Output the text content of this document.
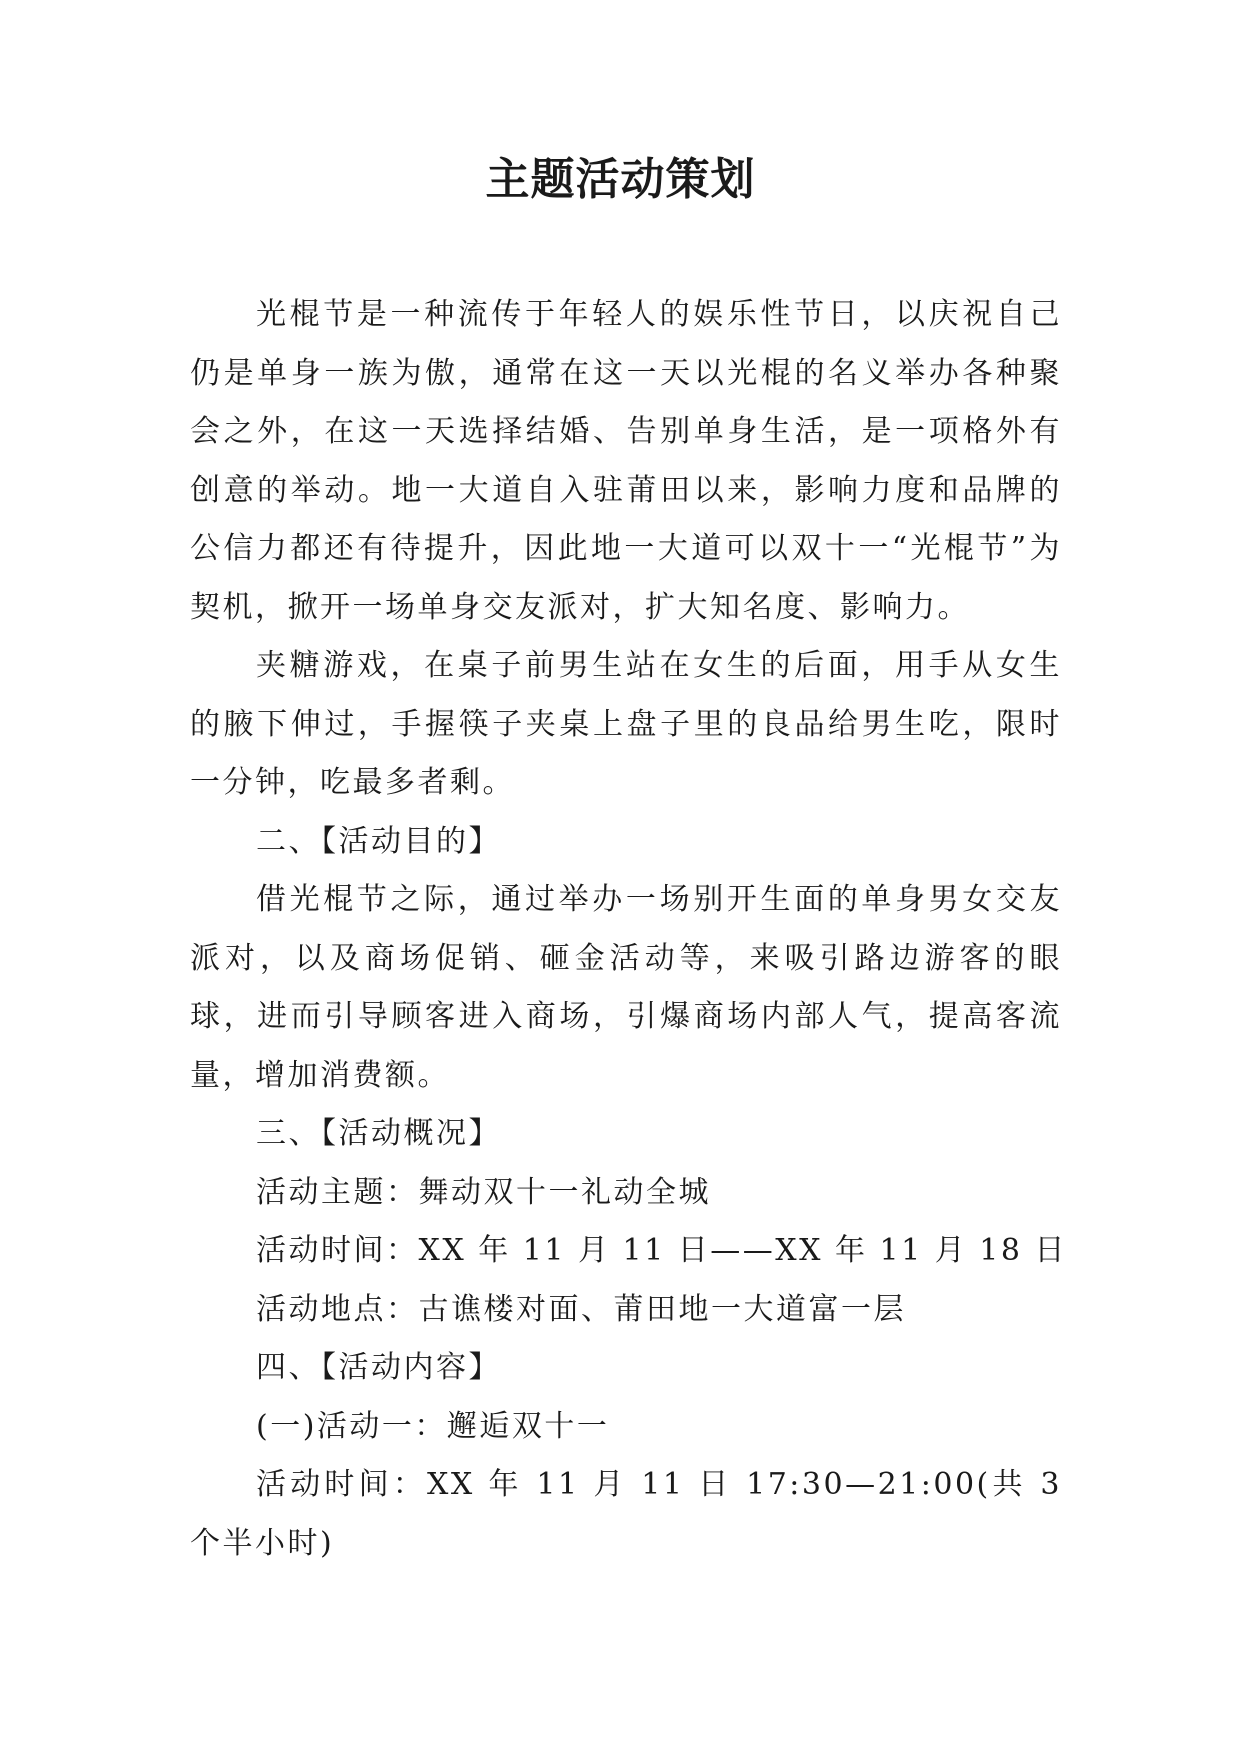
主题活动策划

光棍节是一种流传于年轻人的娱乐性节日，以庆祝自己仍是单身一族为傲，通常在这一天以光棍的名义举办各种聚会之外，在这一天选择结婚、告别单身生活，是一项格外有创意的举动。地一大道自入驻莆田以来，影响力度和品牌的公信力都还有待提升，因此地一大道可以双十一“光棍节”为契机，掀开一场单身交友派对，扩大知名度、影响力。

夹糖游戏，在桌子前男生站在女生的后面，用手从女生的腋下伸过，手握筷子夹桌上盘子里的良品给男生吃，限时一分钟，吃最多者剩。

二、【活动目的】

借光棍节之际，通过举办一场别开生面的单身男女交友派对，以及商场促销、砸金活动等，来吸引路边游客的眼球，进而引导顾客进入商场，引爆商场内部人气，提高客流量，增加消费额。

三、【活动概况】

活动主题：舞动双十一礼动全城

活动时间：XX 年 11 月 11 日——XX 年 11 月 18 日

活动地点：古谯楼对面、莆田地一大道富一层

四、【活动内容】

(一)活动一：邂逅双十一

活动时间：XX 年 11 月 11 日 17:30—21:00(共 3 个半小时)
